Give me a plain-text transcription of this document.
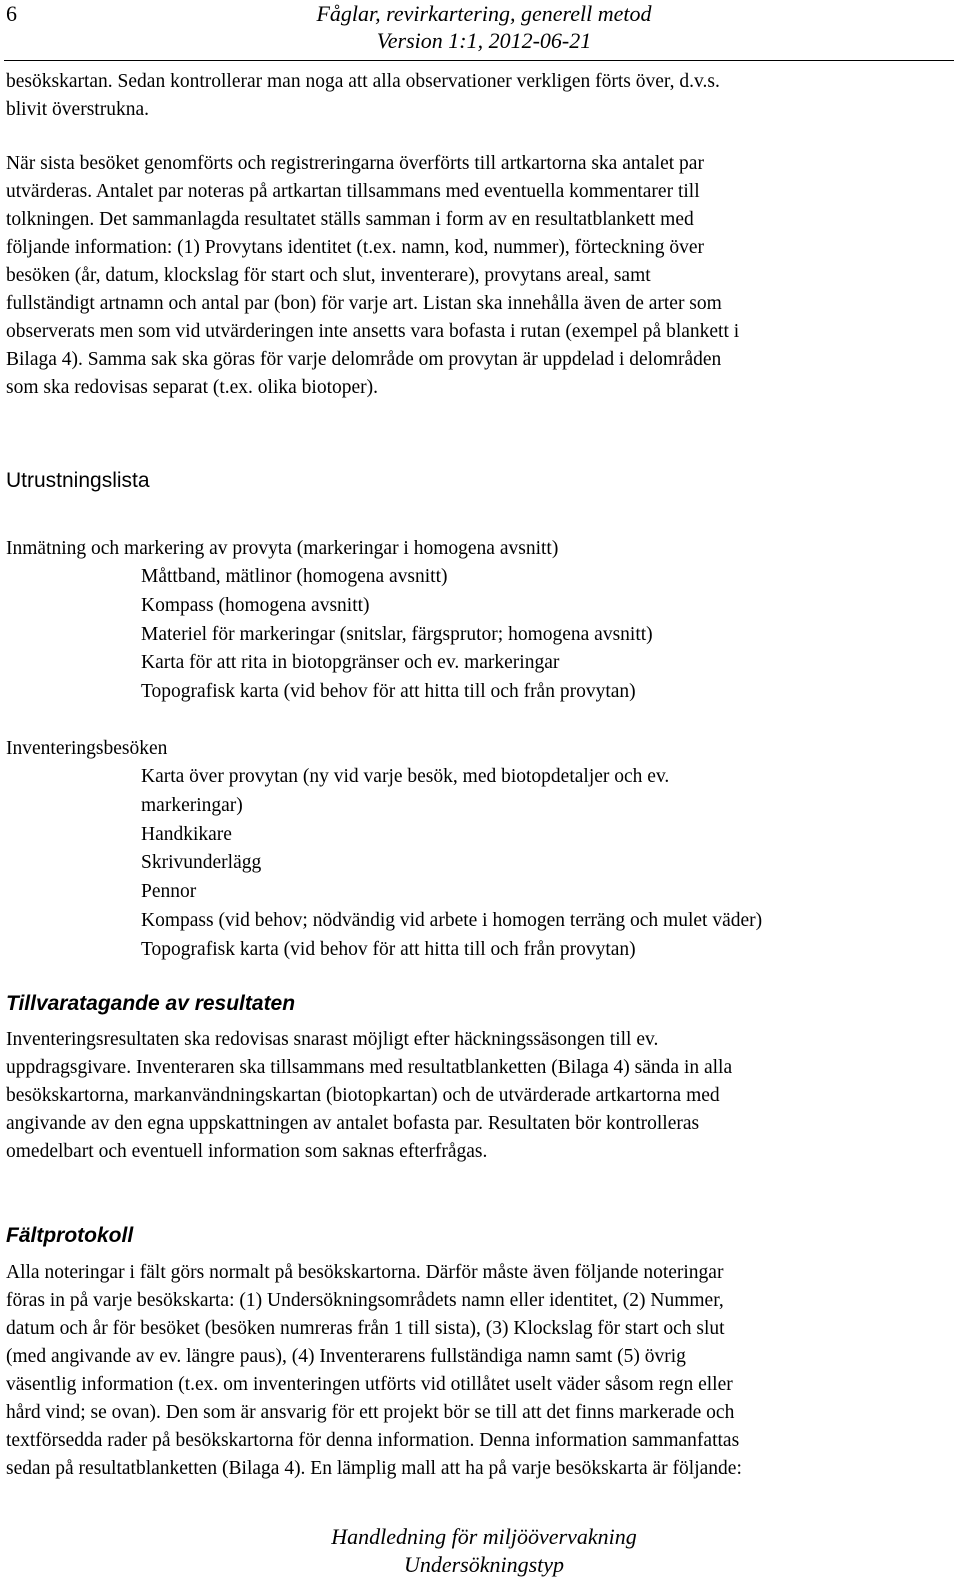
6	Fåglar, revirkartering, generell metod
Version 1:1, 2012-06-21
besökskartan. Sedan kontrollerar man noga att alla observationer verkligen förts över, d.v.s.
blivit överstrukna.
När sista besöket genomförts och registreringarna överförts till artkartorna ska antalet par
utvärderas. Antalet par noteras på artkartan tillsammans med eventuella kommentarer till
tolkningen. Det sammanlagda resultatet ställs samman i form av en resultatblankett med
följande information: (1) Provytans identitet (t.ex. namn, kod, nummer), förteckning över
besöken (år, datum, klockslag för start och slut, inventerare), provytans areal, samt
fullständigt artnamn och antal par (bon) för varje art. Listan ska innehålla även de arter som
observerats men som vid utvärderingen inte ansetts vara bofasta i rutan (exempel på blankett i
Bilaga 4). Samma sak ska göras för varje delområde om provytan är uppdelad i delområden
som ska redovisas separat (t.ex. olika biotoper).
Utrustningslista
Inmätning och markering av provyta (markeringar i homogena avsnitt)
Måttband, mätlinor (homogena avsnitt)
Kompass (homogena avsnitt)
Materiel för markeringar (snitslar, färgsprutor; homogena avsnitt)
Karta för att rita in biotopgränser och ev. markeringar
Topografisk karta (vid behov för att hitta till och från provytan)
Inventeringsbesöken
Karta över provytan (ny vid varje besök, med biotopdetaljer och ev.
markeringar)
Handkikare
Skrivunderlägg
Pennor
Kompass (vid behov; nödvändig vid arbete i homogen terräng och mulet väder)
Topografisk karta (vid behov för att hitta till och från provytan)
Tillvaratagande av resultaten
Inventeringsresultaten ska redovisas snarast möjligt efter häckningssäsongen till ev.
uppdragsgivare. Inventeraren ska tillsammans med resultatblanketten (Bilaga 4) sända in alla
besökskartorna, markanvändningskartan (biotopkartan) och de utvärderade artkartorna med
angivande av den egna uppskattningen av antalet bofasta par. Resultaten bör kontrolleras
omedelbart och eventuell information som saknas efterfrågas.
Fältprotokoll
Alla noteringar i fält görs normalt på besökskartorna. Därför måste även följande noteringar
föras in på varje besökskarta: (1) Undersökningsområdets namn eller identitet, (2) Nummer,
datum och år för besöket (besöken numreras från 1 till sista), (3) Klockslag för start och slut
(med angivande av ev. längre paus), (4) Inventerarens fullständiga namn samt (5) övrig
väsentlig information (t.ex. om inventeringen utförts vid otillåtet uselt väder såsom regn eller
hård vind; se ovan). Den som är ansvarig för ett projekt bör se till att det finns markerade och
textförsedda rader på besökskartorna för denna information. Denna information sammanfattas
sedan på resultatblanketten (Bilaga 4). En lämplig mall att ha på varje besökskarta är följande:
Handledning för miljöövervakning
Undersökningstyp
